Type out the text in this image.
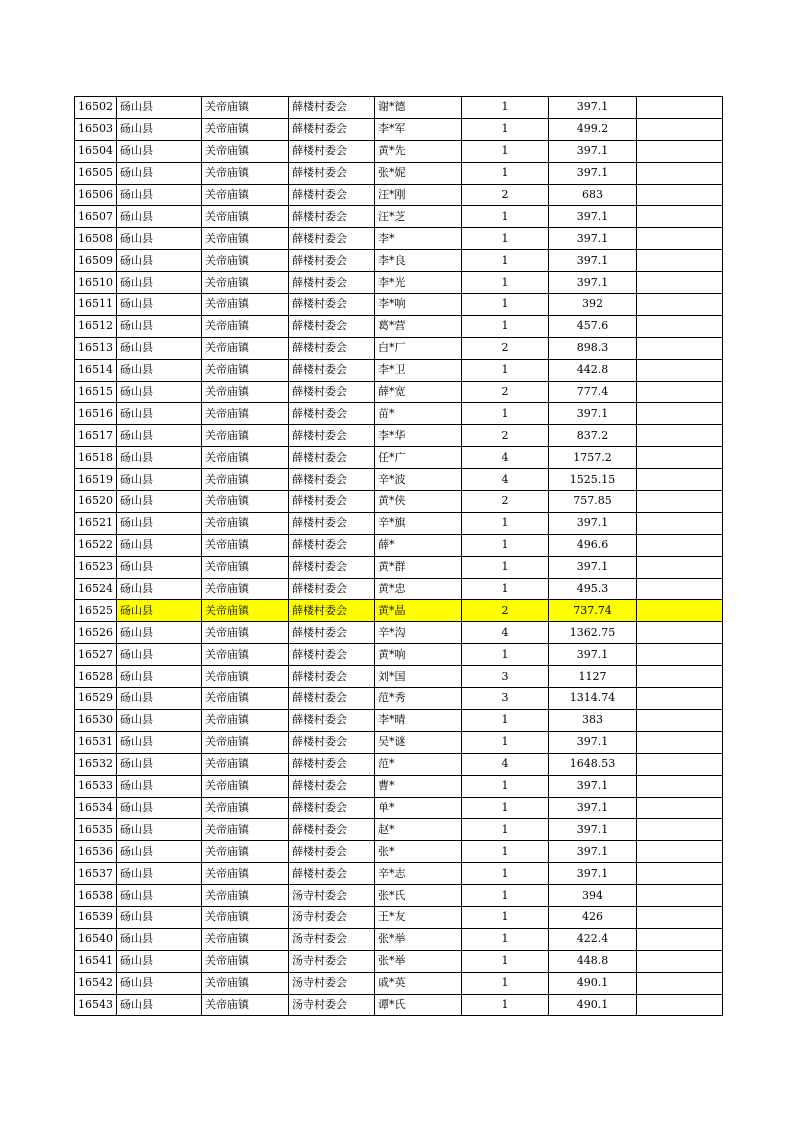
16502	砀山县	关帝庙镇	薛楼村委会	谢*德	1	397.1	
16503	砀山县	关帝庙镇	薛楼村委会	李*军	1	499.2	
16504	砀山县	关帝庙镇	薛楼村委会	黄*先	1	397.1	
16505	砀山县	关帝庙镇	薛楼村委会	张*妮	1	397.1	
16506	砀山县	关帝庙镇	薛楼村委会	汪*刚	2	683	
16507	砀山县	关帝庙镇	薛楼村委会	汪*芝	1	397.1	
16508	砀山县	关帝庙镇	薛楼村委会	李*	1	397.1	
16509	砀山县	关帝庙镇	薛楼村委会	李*良	1	397.1	
16510	砀山县	关帝庙镇	薛楼村委会	李*光	1	397.1	
16511	砀山县	关帝庙镇	薛楼村委会	李*响	1	392	
16512	砀山县	关帝庙镇	薛楼村委会	葛*营	1	457.6	
16513	砀山县	关帝庙镇	薛楼村委会	白*厂	2	898.3	
16514	砀山县	关帝庙镇	薛楼村委会	李*卫	1	442.8	
16515	砀山县	关帝庙镇	薛楼村委会	薛*宽	2	777.4	
16516	砀山县	关帝庙镇	薛楼村委会	苗*	1	397.1	
16517	砀山县	关帝庙镇	薛楼村委会	李*华	2	837.2	
16518	砀山县	关帝庙镇	薛楼村委会	任*广	4	1757.2	
16519	砀山县	关帝庙镇	薛楼村委会	辛*波	4	1525.15	
16520	砀山县	关帝庙镇	薛楼村委会	黄*侠	2	757.85	
16521	砀山县	关帝庙镇	薛楼村委会	辛*旗	1	397.1	
16522	砀山县	关帝庙镇	薛楼村委会	薛*	1	496.6	
16523	砀山县	关帝庙镇	薛楼村委会	黄*群	1	397.1	
16524	砀山县	关帝庙镇	薛楼村委会	黄*忠	1	495.3	
16525	砀山县	关帝庙镇	薛楼村委会	黄*晶	2	737.74	
16526	砀山县	关帝庙镇	薛楼村委会	辛*沟	4	1362.75	
16527	砀山县	关帝庙镇	薛楼村委会	黄*响	1	397.1	
16528	砀山县	关帝庙镇	薛楼村委会	刘*国	3	1127	
16529	砀山县	关帝庙镇	薛楼村委会	范*秀	3	1314.74	
16530	砀山县	关帝庙镇	薛楼村委会	李*晴	1	383	
16531	砀山县	关帝庙镇	薛楼村委会	吴*谜	1	397.1	
16532	砀山县	关帝庙镇	薛楼村委会	范*	4	1648.53	
16533	砀山县	关帝庙镇	薛楼村委会	曹*	1	397.1	
16534	砀山县	关帝庙镇	薛楼村委会	单*	1	397.1	
16535	砀山县	关帝庙镇	薛楼村委会	赵*	1	397.1	
16536	砀山县	关帝庙镇	薛楼村委会	张*	1	397.1	
16537	砀山县	关帝庙镇	薛楼村委会	辛*志	1	397.1	
16538	砀山县	关帝庙镇	汤寺村委会	张*氏	1	394	
16539	砀山县	关帝庙镇	汤寺村委会	王*友	1	426	
16540	砀山县	关帝庙镇	汤寺村委会	张*举	1	422.4	
16541	砀山县	关帝庙镇	汤寺村委会	张*举	1	448.8	
16542	砀山县	关帝庙镇	汤寺村委会	戚*英	1	490.1	
16543	砀山县	关帝庙镇	汤寺村委会	谭*氏	1	490.1	
